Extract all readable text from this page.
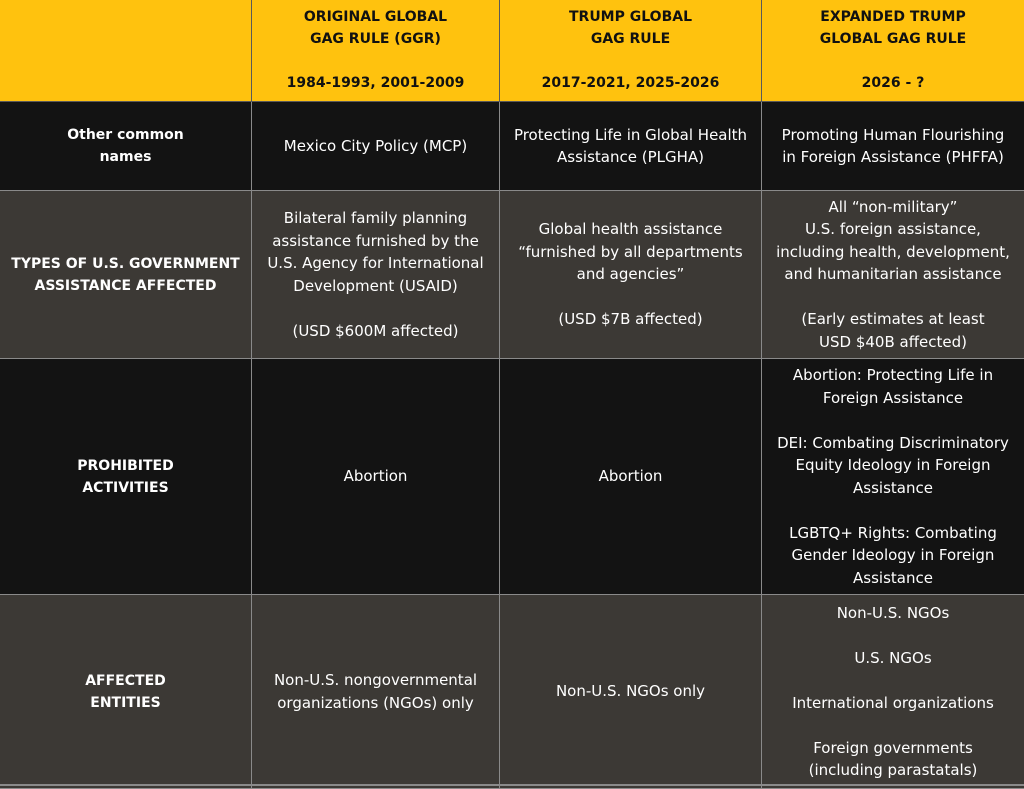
ORIGINAL GLOBAL
GAG RULE (GGR)
1984-1993, 2001-2009
TRUMP GLOBAL
GAG RULE
2017-2021, 2025-2026
EXPANDED TRUMP
GLOBAL GAG RULE
2026 - ?
Other common
names
Mexico City Policy (MCP)
Protecting Life in Global Health
Assistance (PLGHA)
Promoting Human Flourishing
in Foreign Assistance (PHFFA)
TYPES OF U.S. GOVERNMENT
ASSISTANCE AFFECTED
Bilateral family planning
assistance furnished by the
U.S. Agency for International
Development (USAID)
(USD $600M affected)
Global health assistance
“furnished by all departments
and agencies”
(USD $7B affected)
All “non-military”
U.S. foreign assistance,
including health, development,
and humanitarian assistance
(Early estimates at least
USD $40B affected)
PROHIBITED
ACTIVITIES
Abortion	Abortion
Abortion: Protecting Life in
Foreign Assistance
DEI: Combating Discriminatory
Equity Ideology in Foreign
Assistance
LGBTQ+ Rights: Combating
Gender Ideology in Foreign
Assistance
AFFECTED
ENTITIES
Non-U.S. nongovernmental
organizations (NGOs) only
Non-U.S. NGOs only
Non-U.S. NGOs
U.S. NGOs
International organizations
Foreign governments
(including parastatals)
